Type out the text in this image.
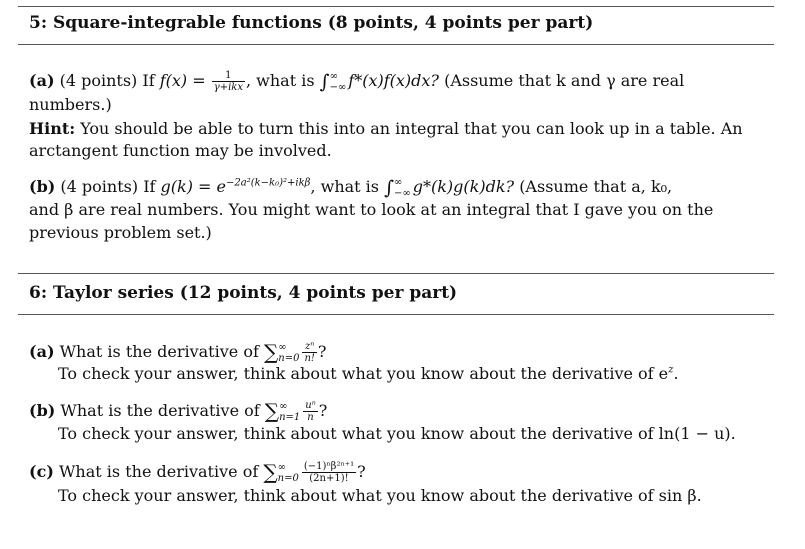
5: Square-integrable functions (8 points, 4 points per part)
(a) (4 points) If $f(x) = \frac{1}{\text{γ+ikx}}$ , what is ∫ ∞
−∞ f*(x)f(x)dx? (Assume that k and γ are real
numbers.)
Hint: You should be able to turn this into an integral that you can look up in a table. An
arctangent function may be involved.
(b) (4 points) If $g(k) = e^{-2a^2(k-k_0)^2+ik\beta}$, what is ∫ ∞
−∞ g*(k)g(k)dk? (Assume that a, k₀,
and β are real numbers. You might want to look at an integral that I gave you on the
previous problem set.)
6: Taylor series (12 points, 4 points per part)
(a) What is the derivative of ∑ ∞
$n=0 \frac{\text{zⁿ}}{n!}$ ?
To check your answer, think about what you know about the derivative of $e^z$.
(b) What is the derivative of ∑ ∞
$n=1 \frac{\text{uⁿ}}{n}$ ?
To check your answer, think about what you know about the derivative of ln(1 − u).
(c) What is the derivative of ∑ ∞
$n=0 \frac{\text{(−1)ⁿβ²ⁿ⁺¹}}{(2n+1)!}$ ?
To check your answer, think about what you know about the derivative of sin β.
